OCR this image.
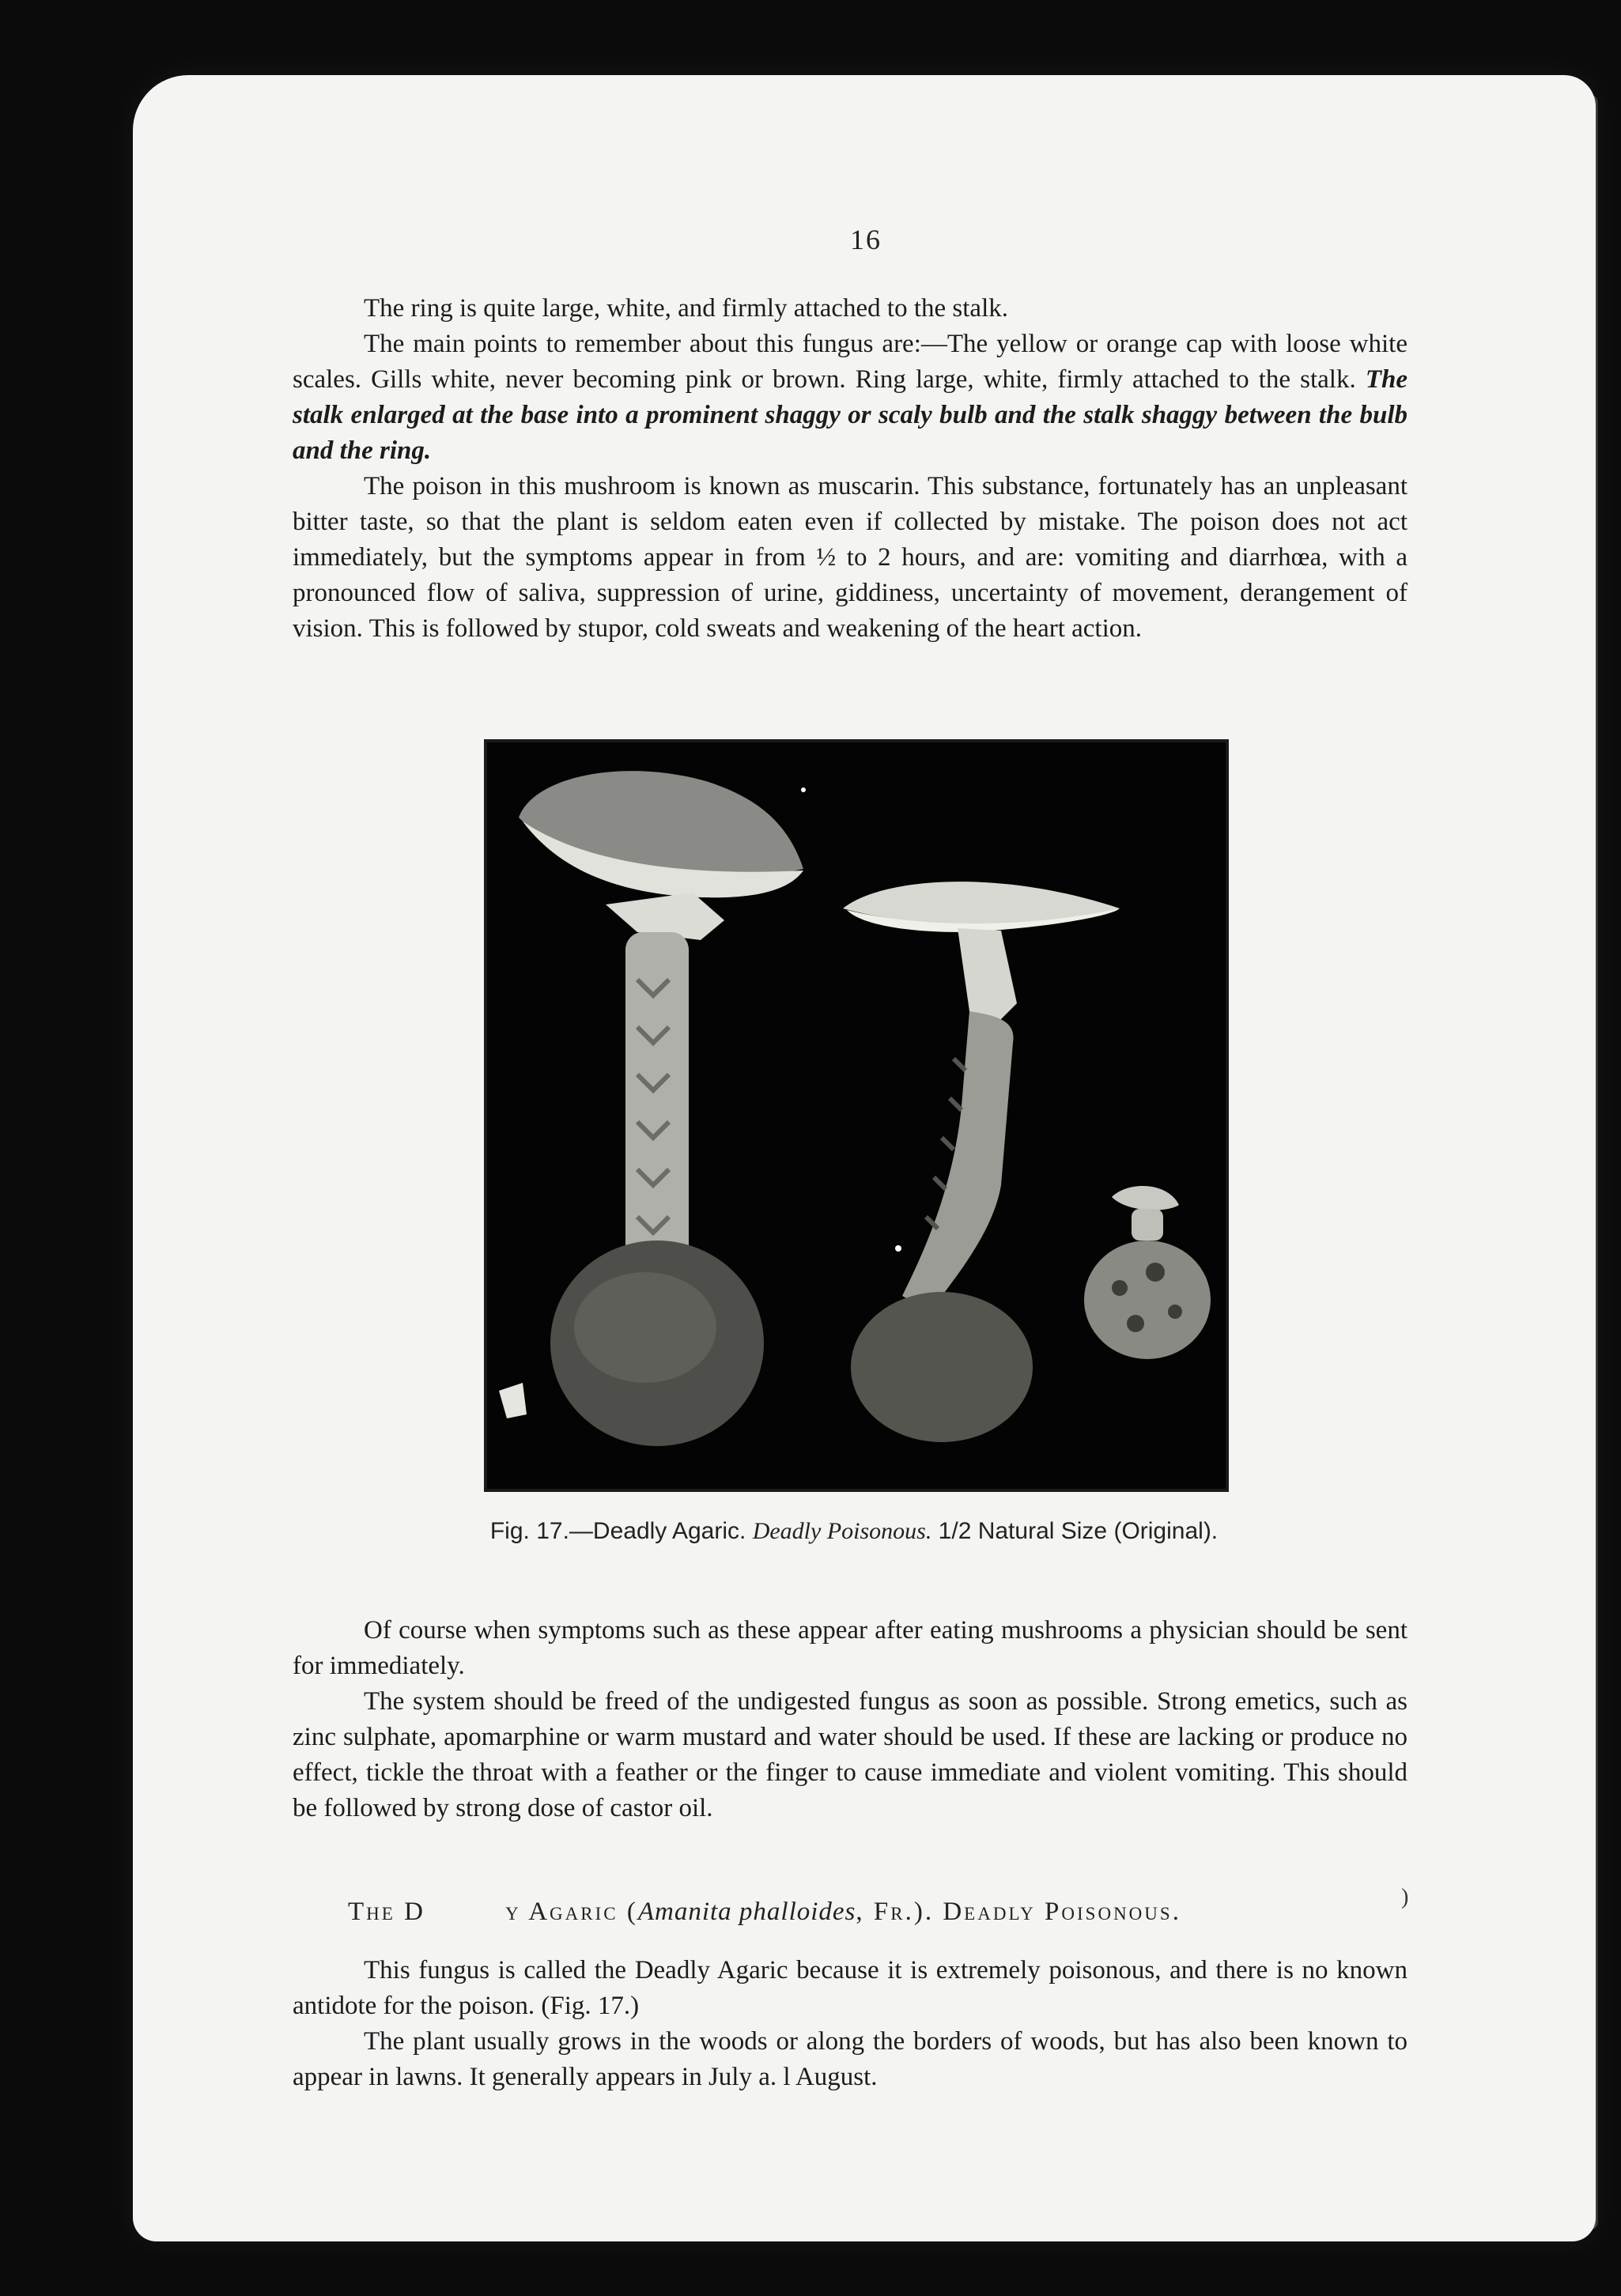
16

The ring is quite large, white, and firmly attached to the stalk.

The main points to remember about this fungus are:—The yellow or orange cap with loose white scales. Gills white, never becoming pink or brown. Ring large, white, firmly attached to the stalk. The stalk enlarged at the base into a prominent shaggy or scaly bulb and the stalk shaggy between the bulb and the ring.

The poison in this mushroom is known as muscarin. This substance, fortunately has an unpleasant bitter taste, so that the plant is seldom eaten even if collected by mistake. The poison does not act immediately, but the symptoms appear in from ½ to 2 hours, and are: vomiting and diarrhœa, with a pronounced flow of saliva, suppression of urine, giddiness, uncertainty of movement, derangement of vision. This is followed by stupor, cold sweats and weakening of the heart action.

Fig. 17.—Deadly Agaric. Deadly Poisonous. 1/2 Natural Size (Original).

Of course when symptoms such as these appear after eating mushrooms a physician should be sent for immediately.

The system should be freed of the undigested fungus as soon as possible. Strong emetics, such as zinc sulphate, apomarphine or warm mustard and water should be used. If these are lacking or produce no effect, tickle the throat with a feather or the finger to cause immediate and violent vomiting. This should be followed by strong dose of castor oil.

The D	y Agaric (Amanita phalloides, Fr.). Deadly Poisonous.
)

This fungus is called the Deadly Agaric because it is extremely poisonous, and there is no known antidote for the poison. (Fig. 17.)

The plant usually grows in the woods or along the borders of woods, but has also been known to appear in lawns. It generally appears in July a. l August.
